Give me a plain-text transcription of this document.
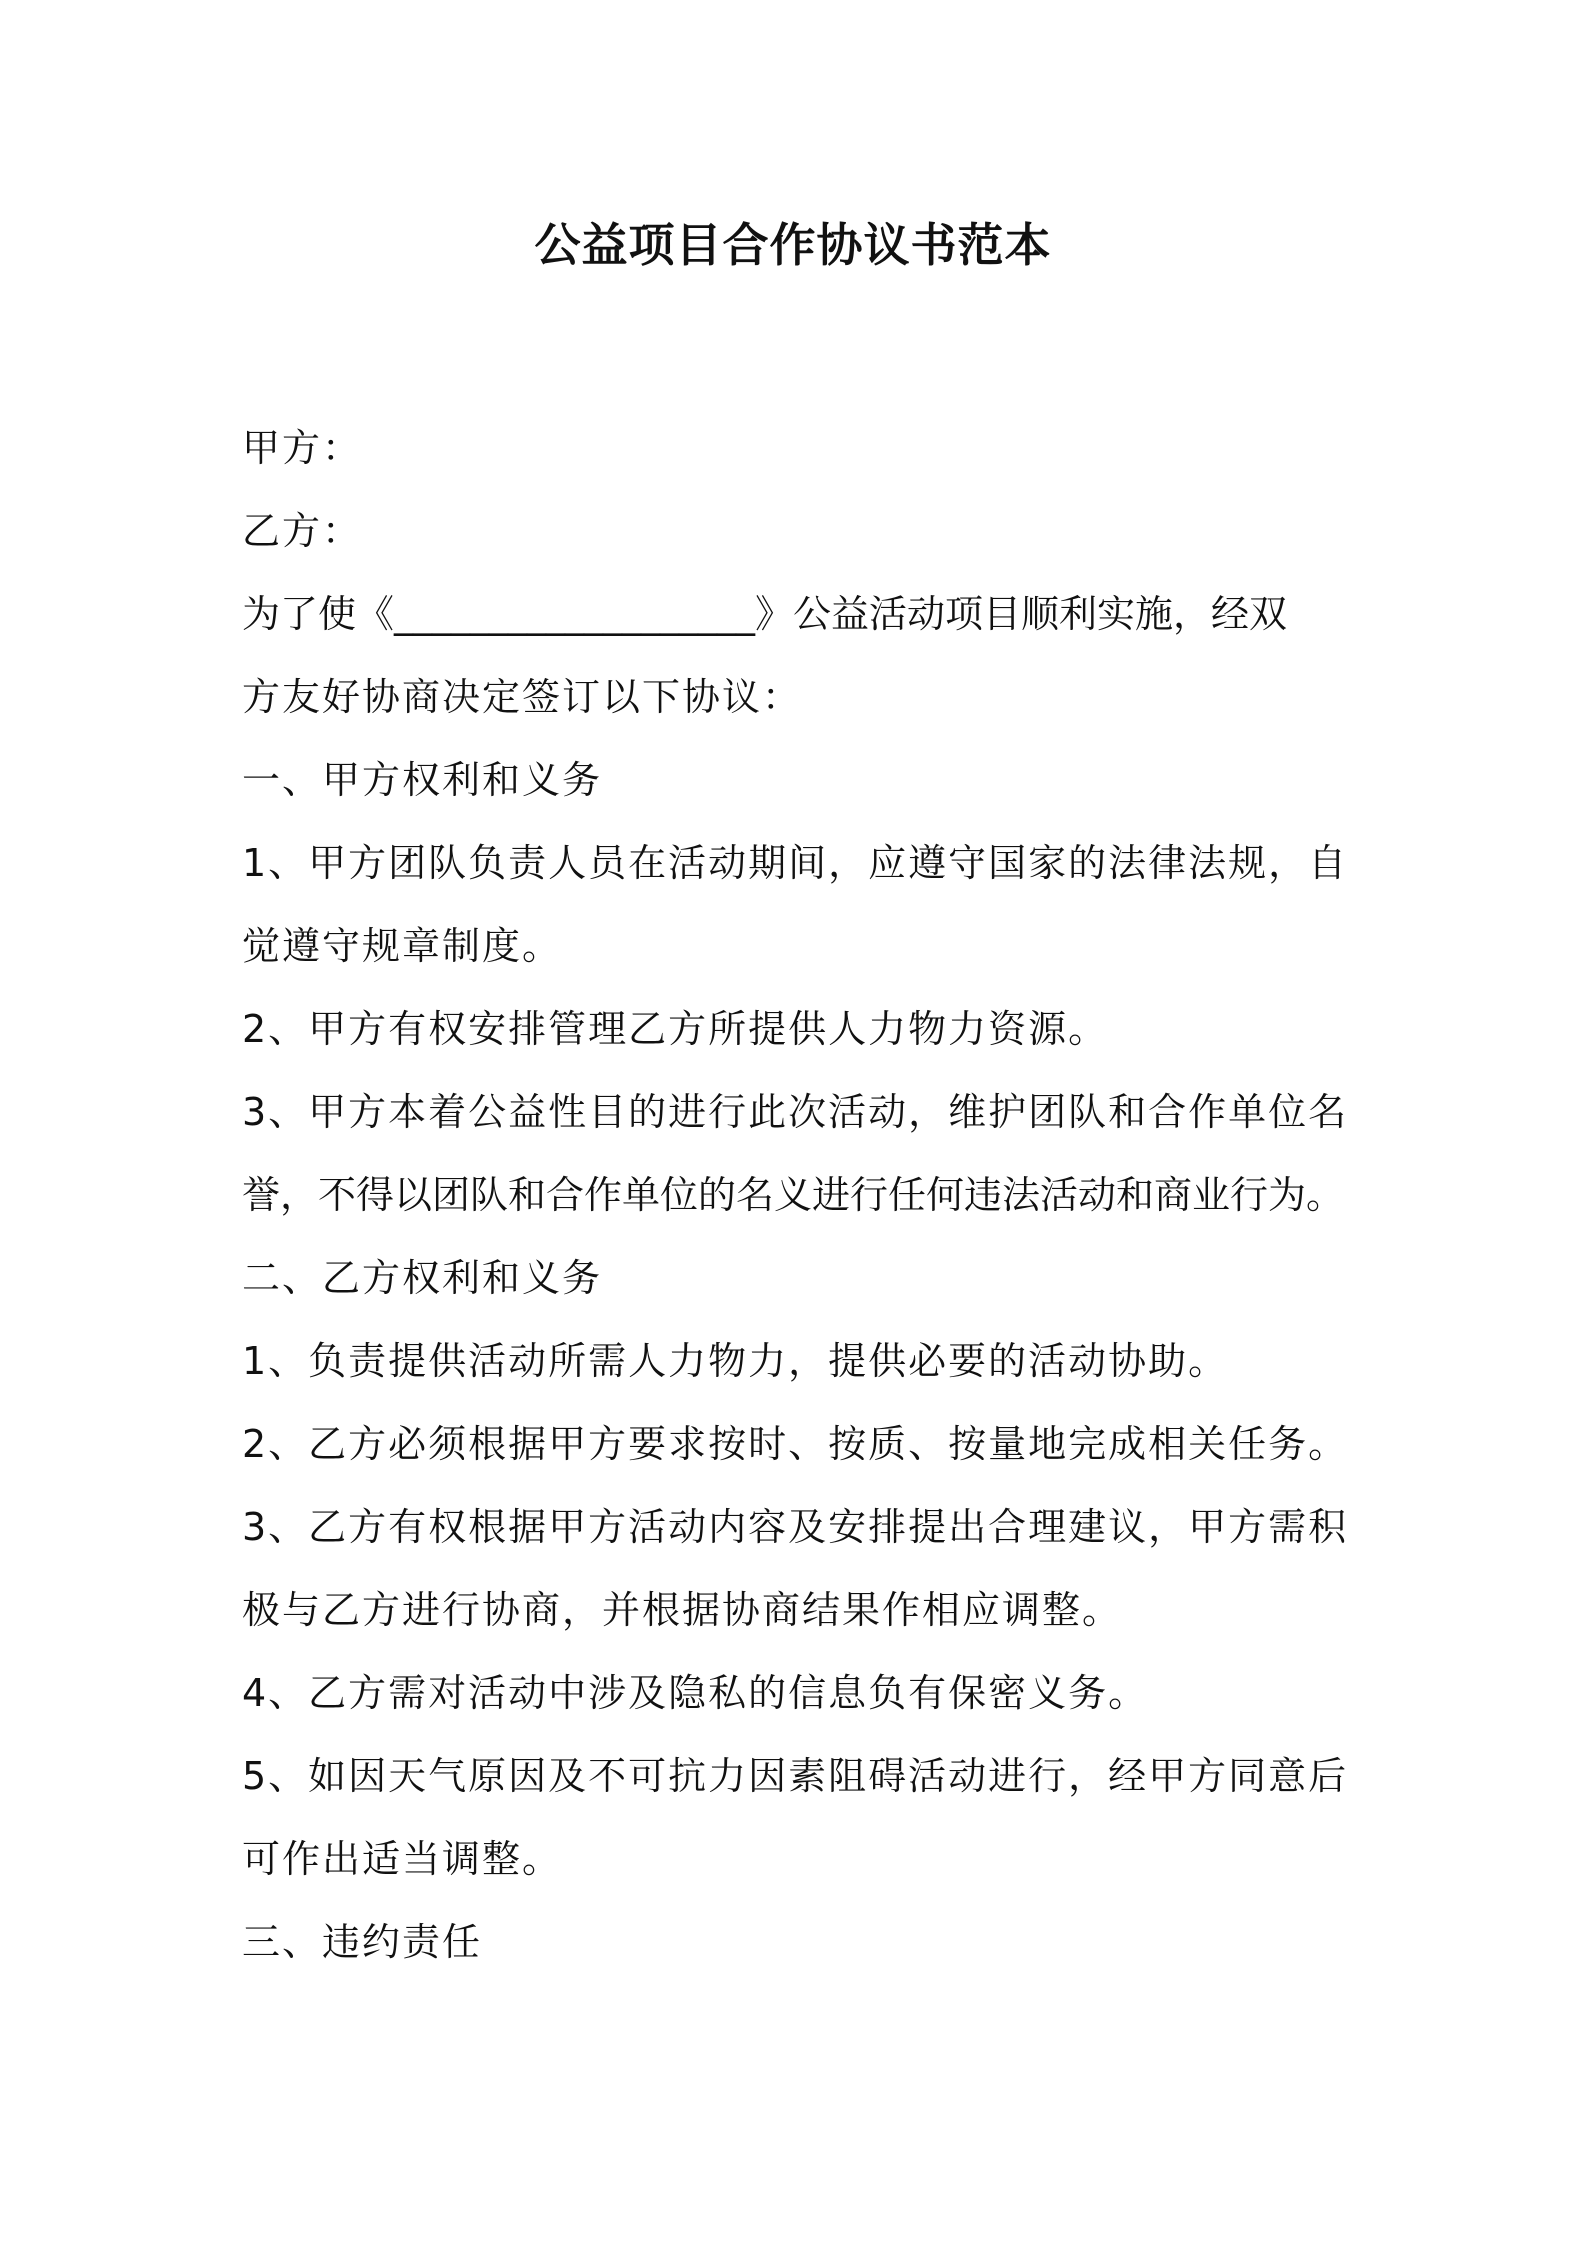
公益项目合作协议书范本
甲方：
乙方：
为了使《___________________》公益活动项目顺利实施，经双
方友好协商决定签订以下协议：
一、甲方权利和义务
1、甲方团队负责人员在活动期间，应遵守国家的法律法规，自
觉遵守规章制度。
2、甲方有权安排管理乙方所提供人力物力资源。
3、甲方本着公益性目的进行此次活动，维护团队和合作单位名
誉，不得以团队和合作单位的名义进行任何违法活动和商业行为。
二、乙方权利和义务
1、负责提供活动所需人力物力，提供必要的活动协助。
2、乙方必须根据甲方要求按时、按质、按量地完成相关任务。
3、乙方有权根据甲方活动内容及安排提出合理建议，甲方需积
极与乙方进行协商，并根据协商结果作相应调整。
4、乙方需对活动中涉及隐私的信息负有保密义务。
5、如因天气原因及不可抗力因素阻碍活动进行，经甲方同意后
可作出适当调整。
三、违约责任
